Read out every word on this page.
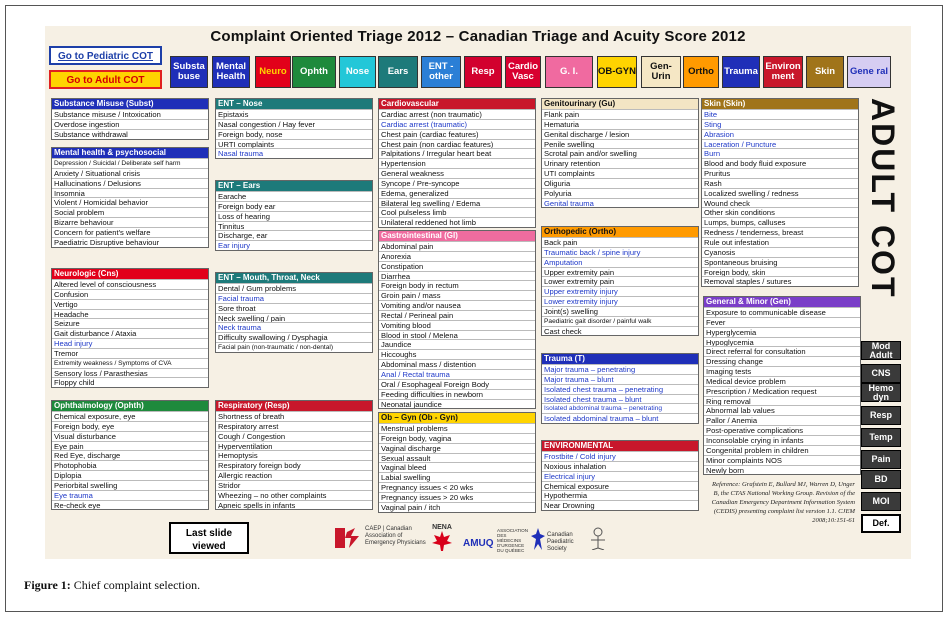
Complaint Oriented Triage 2012 – Canadian Triage and Acuity Score 2012
Go to Pediatric COT
Go to Adult COT
Substa buse
Mental Health	Neuro	Ophth	Nose	Ears	ENT - other	Resp	Cardio Vasc	G. I.	OB-GYN	Gen-Urin	Ortho	Trauma Environ ment	Skin	Gene ral
Substance Misuse (Subst)
Substance misuse / Intoxication
Overdose ingestion
Substance withdrawal
Mental health & psychosocial
Depression / Suicidal / Deliberate self harm
Anxiety / Situational crisis
Hallucinations / Delusions
Insomnia
Violent / Homicidal behavior
Social problem
Bizarre behaviour
Concern for patient's welfare
Paediatric Disruptive behaviour
Neurologic (Cns)
Altered level of consciousness
Confusion
Vertigo
Headache
Seizure
Gait disturbance / Ataxia
Head injury
Tremor
Extremity weakness / Symptoms of CVA
Sensory loss / Parasthesias
Floppy child
Ophthalmology (Ophth)
Chemical exposure, eye
Foreign body, eye
Visual disturbance
Eye pain
Red Eye, discharge
Photophobia
Diplopia
Periorbital swelling
Eye trauma
Re-check eye
ENT – Nose
Epistaxis
Nasal congestion / Hay fever
Foreign body, nose
URTI complaints
Nasal trauma
ENT – Ears
Earache
Foreign body ear
Loss of hearing
Tinnitus
Discharge, ear
Ear injury
ENT – Mouth, Throat, Neck
Dental / Gum problems
Facial trauma
Sore throat
Neck swelling / pain
Neck trauma
Difficulty swallowing / Dysphagia
Facial pain (non-traumatic / non-dental)
Respiratory (Resp)
Shortness of breath
Respiratory arrest
Cough / Congestion
Hyperventilation
Hemoptysis
Respiratory foreign body
Allergic reaction
Stridor
Wheezing – no other complaints
Apneic spells in infants
Cardiovascular
Cardiac arrest (non traumatic)
Cardiac arrest (traumatic)
Chest pain (cardiac features)
Chest pain (non cardiac features)
Palpitations / Irregular heart beat
Hypertension
General weakness
Syncope / Pre-syncope
Edema, generalized
Bilateral leg swelling / Edema
Cool pulseless limb
Unilateral reddened hot limb
Gastrointestinal (GI)
Abdominal pain
Anorexia
Constipation
Diarrhea
Foreign body in rectum
Groin pain / mass
Vomiting and/or nausea
Rectal / Perineal pain
Vomiting blood
Blood in stool / Melena
Jaundice
Hiccoughs
Abdominal mass / distention
Anal / Rectal trauma
Oral / Esophageal Foreign Body
Feeding difficulties in newborn
Neonatal jaundice
Ob – Gyn (Ob - Gyn)
Menstrual problems
Foreign body, vagina
Vaginal discharge
Sexual assault
Vaginal bleed
Labial swelling
Pregnancy issues < 20 wks
Pregnancy issues > 20 wks
Vaginal pain / itch
Genitourinary (Gu)
Flank pain
Hematuria
Genital discharge / lesion
Penile swelling
Scrotal pain and/or swelling
Urinary retention
UTI complaints
Oliguria
Polyuria
Genital trauma
Orthopedic (Ortho)
Back pain
Traumatic back / spine injury
Amputation
Upper extremity pain
Lower extremity pain
Upper extremity injury
Lower extremity injury
Joint(s) swelling
Paediatric gait disorder / painful walk
Cast check
Trauma (T)
Major trauma – penetrating
Major trauma – blunt
Isolated chest trauma – penetrating
Isolated chest trauma – blunt
Isolated abdominal trauma – penetrating
Isolated abdominal trauma – blunt
ENVIRONMENTAL
Frostbite / Cold injury
Noxious inhalation
Electrical injury
Chemical exposure
Hypothermia
Near Drowning
Skin (Skin)
Bite
Sting
Abrasion
Laceration / Puncture
Burn
Blood and body fluid exposure
Pruritus
Rash
Localized swelling / redness
Wound check
Other skin conditions
Lumps, bumps, calluses
Redness / tenderness, breast
Rule out infestation
Cyanosis
Spontaneous bruising
Foreign body, skin
Removal staples / sutures
General & Minor (Gen)
Exposure to communicable disease
Fever
Hyperglycemia
Hypoglycemia
Direct referral for consultation
Dressing change
Imaging tests
Medical device problem
Prescription / Medication request
Ring removal
Abnormal lab values
Pallor / Anemia
Post-operative complications
Inconsolable crying in infants
Congenital problem in children
Minor complaints NOS
Newly born
ADULT COT
Mod Adult
CNS
Hemo dyn
Resp
Temp
Pain
BD
MOI
Def.
Last slide viewed
CAEP | Canadian Association of Emergency Physicians
NENA
AMUQ
ASSOCIATION DES MÉDECINS D'URGENCE DU QUÉBEC
Canadian Paediatric Society
Reference: Grafstein E, Bullard MJ, Warren D, Unger B, the CTAS National Working Group. Revision of the Canadian Emergency Department Information System (CEDIS) presenting complaint list version 1.1. CJEM 2008;10:151-61
Figure 1: Chief complaint selection.
